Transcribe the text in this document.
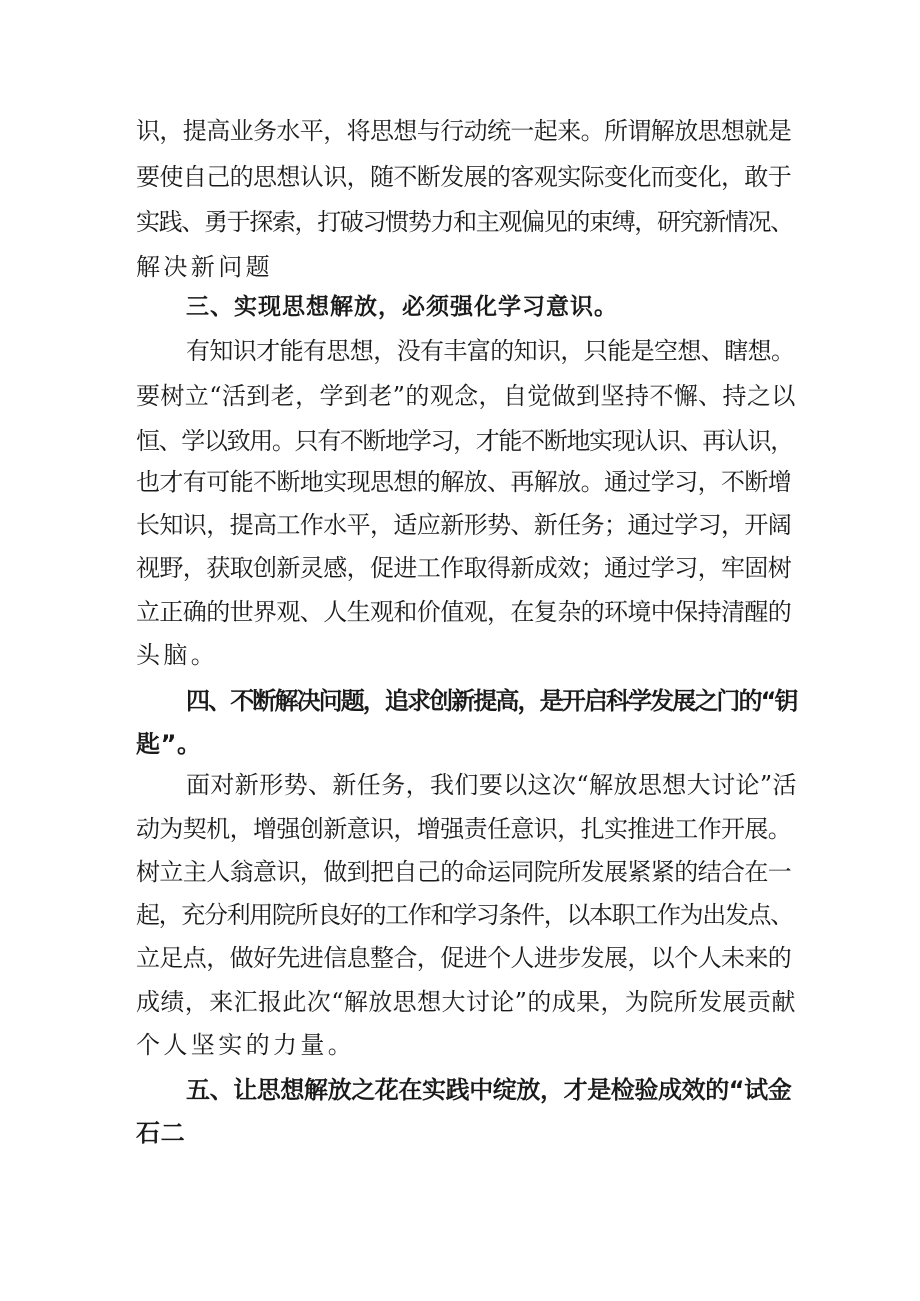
识，提高业务水平，将思想与行动统一起来。所谓解放思想就是
要使自己的思想认识，随不断发展的客观实际变化而变化，敢于
实践、勇于探索，打破习惯势力和主观偏见的束缚，研究新情况、
解决新问题
三、实现思想解放，必须强化学习意识。
有知识才能有思想，没有丰富的知识，只能是空想、瞎想。
要树立“活到老，学到老”的观念，自觉做到坚持不懈、持之以
恒、学以致用。只有不断地学习，才能不断地实现认识、再认识，
也才有可能不断地实现思想的解放、再解放。通过学习，不断增
长知识，提高工作水平，适应新形势、新任务；通过学习，开阔
视野，获取创新灵感，促进工作取得新成效；通过学习，牢固树
立正确的世界观、人生观和价值观，在复杂的环境中保持清醒的
头脑。
四、不断解决问题，追求创新提高，是开启科学发展之门的“钥
匙”。
面对新形势、新任务，我们要以这次“解放思想大讨论”活
动为契机，增强创新意识，增强责任意识，扎实推进工作开展。
树立主人翁意识，做到把自己的命运同院所发展紧紧的结合在一
起，充分利用院所良好的工作和学习条件，以本职工作为出发点、
立足点，做好先进信息整合，促进个人进步发展，以个人未来的
成绩，来汇报此次“解放思想大讨论”的成果，为院所发展贡献
个人坚实的力量。
五、让思想解放之花在实践中绽放，才是检验成效的“试金
石二
